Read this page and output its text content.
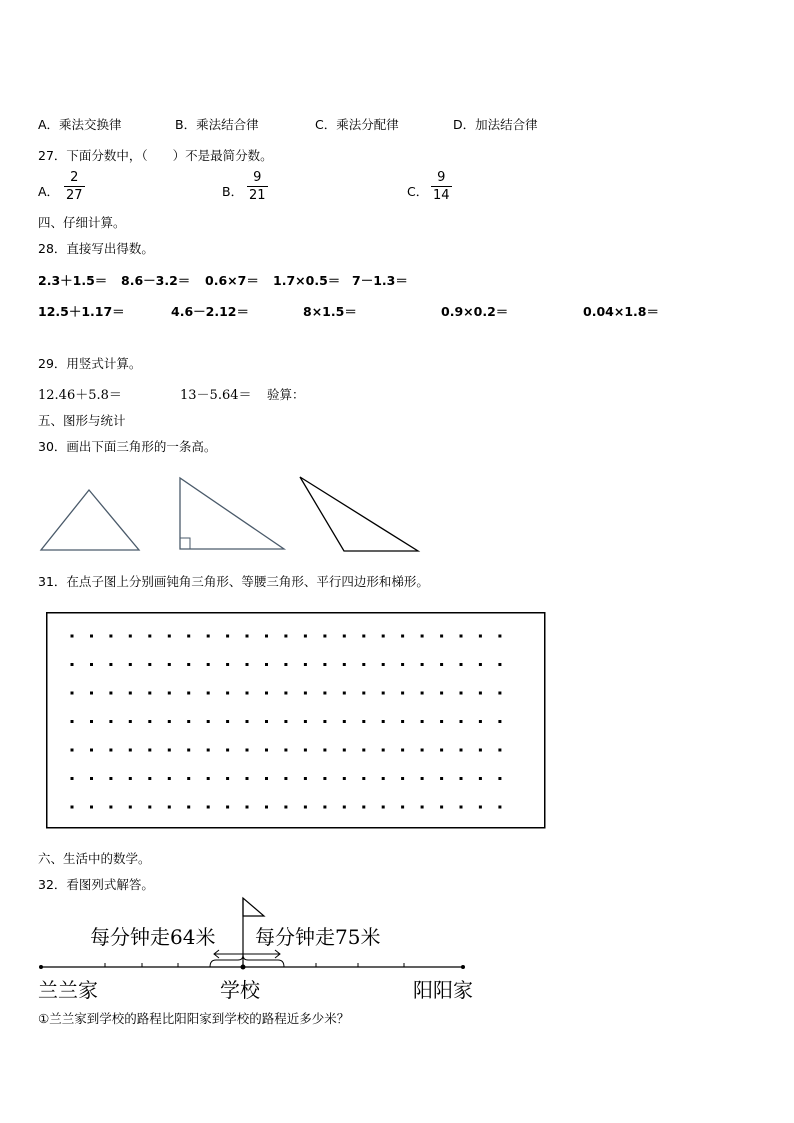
A．乘法交换律	B．乘法结合律	C．乘法分配律	D．加法结合律
27．下面分数中，（　　）不是最简分数。
A． $\frac{2}{27}$	B． $\frac{9}{21}$	C． $\frac{9}{14}$
四、仔细计算。
28．直接写出得数。
2.3＋1.5＝ 8.6－3.2＝ 0.6×7＝ 1.7×0.5＝ 7－1.3＝
12.5＋1.17＝	4.6－2.12＝	8×1.5＝	0.9×0.2＝	0.04×1.8＝
29．用竖式计算。
12.46＋5.8＝	13－5.64＝ 验算：
五、图形与统计
30．画出下面三角形的一条高。
31．在点子图上分别画钝角三角形、等腰三角形、平行四边形和梯形。
六、生活中的数学。
32．看图列式解答。
每分钟走64米 每分钟走75米
兰兰家	学校	阳阳家
①兰兰家到学校的路程比阳阳家到学校的路程近多少米？
